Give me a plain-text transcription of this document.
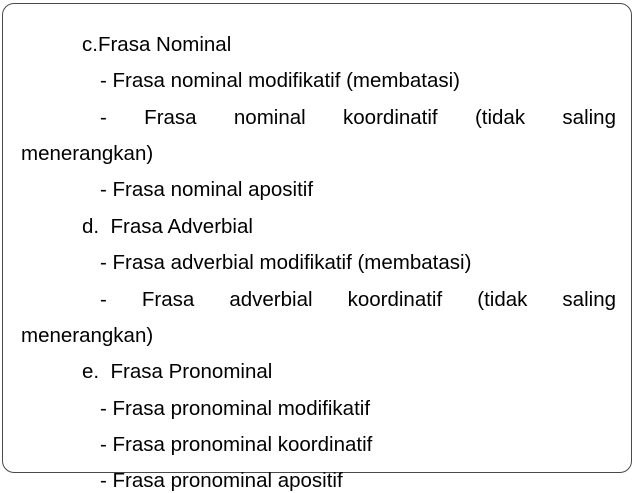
c.Frasa Nominal
- Frasa nominal modifikatif (membatasi)
- Frasa nominal koordinatif (tidak saling
menerangkan)
- Frasa nominal apositif
d. Frasa Adverbial
- Frasa adverbial modifikatif (membatasi)
- Frasa adverbial koordinatif (tidak saling
menerangkan)
e. Frasa Pronominal
- Frasa pronominal modifikatif
- Frasa pronominal koordinatif
- Frasa pronominal apositif
